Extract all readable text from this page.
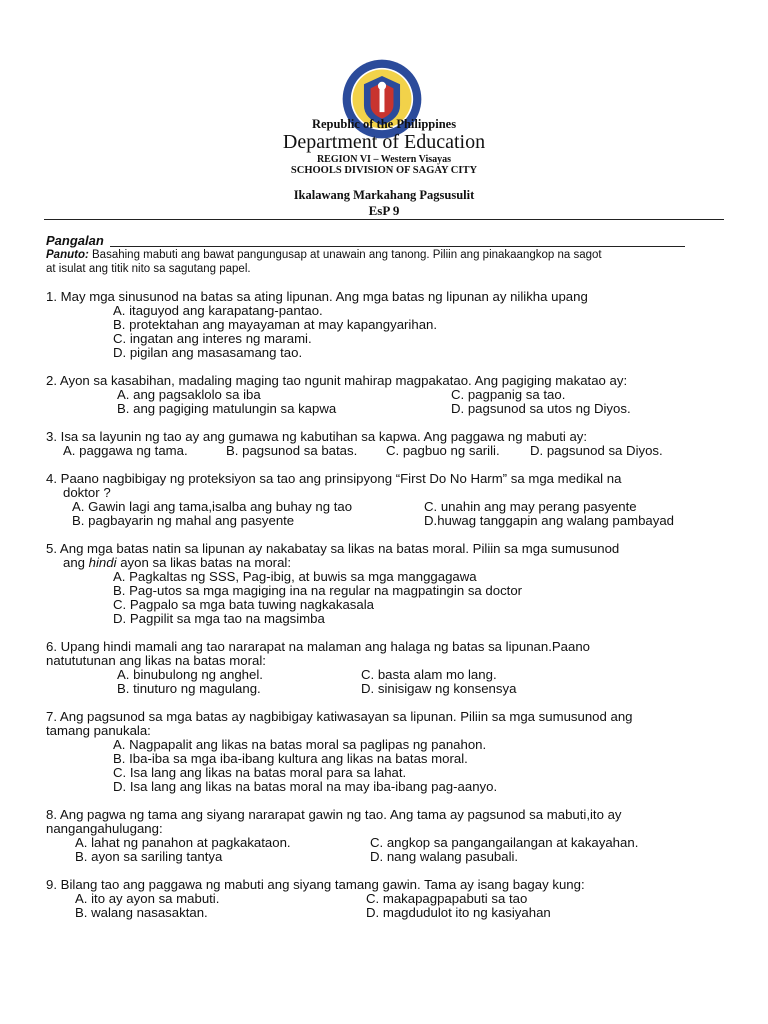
Republic of the Philippines
Department of Education
REGION VI – Western Visayas
SCHOOLS DIVISION OF SAGAY CITY
Ikalawang Markahang Pagsusulit
EsP 9
Pangalan
Panuto: Basahing mabuti ang bawat pangungusap at unawain ang tanong. Piliin ang pinakaangkop na sagot
at isulat ang titik nito sa sagutang papel.
1. May mga sinusunod na batas sa ating lipunan. Ang mga batas ng lipunan ay nilikha upang
A. itaguyod ang karapatang-pantao.
B. protektahan ang mayayaman at may kapangyarihan.
C. ingatan ang interes ng marami.
D. pigilan ang masasamang tao.
2. Ayon sa kasabihan, madaling maging tao ngunit mahirap magpakatao. Ang pagiging makatao ay:
A. ang pagsaklolo sa iba	C. pagpanig sa tao.
B. ang pagiging matulungin sa kapwa	D. pagsunod sa utos ng Diyos.
3. Isa sa layunin ng tao ay ang gumawa ng kabutihan sa kapwa. Ang paggawa ng mabuti ay:
A. paggawa ng tama.	B. pagsunod sa batas. C. pagbuo ng sarili. D. pagsunod sa Diyos.
4. Paano nagbibigay ng proteksiyon sa tao ang prinsipyong “First Do No Harm” sa mga medikal na
doktor ?
A. Gawin lagi ang tama,isalba ang buhay ng tao	C. unahin ang may perang pasyente
B. pagbayarin ng mahal ang pasyente	D.huwag tanggapin ang walang pambayad
5. Ang mga batas natin sa lipunan ay nakabatay sa likas na batas moral. Piliin sa mga sumusunod
ang hindi ayon sa likas batas na moral:
A. Pagkaltas ng SSS, Pag-ibig, at buwis sa mga manggagawa
B. Pag-utos sa mga magiging ina na regular na magpatingin sa doctor
C. Pagpalo sa mga bata tuwing nagkakasala
D. Pagpilit sa mga tao na magsimba
6. Upang hindi mamali ang tao nararapat na malaman ang halaga ng batas sa lipunan.Paano
natututunan ang likas na batas moral:
A. binubulong ng anghel.	C. basta alam mo lang.
B. tinuturo ng magulang.	D. sinisigaw ng konsensya
7. Ang pagsunod sa mga batas ay nagbibigay katiwasayan sa lipunan. Piliin sa mga sumusunod ang
tamang panukala:
A. Nagpapalit ang likas na batas moral sa paglipas ng panahon.
B. Iba-iba sa mga iba-ibang kultura ang likas na batas moral.
C. Isa lang ang likas na batas moral para sa lahat.
D. Isa lang ang likas na batas moral na may iba-ibang pag-aanyo.
8. Ang pagwa ng tama ang siyang nararapat gawin ng tao. Ang tama ay pagsunod sa mabuti,ito ay
nangangahulugang:
A. lahat ng panahon at pagkakataon.	C. angkop sa pangangailangan at kakayahan.
B. ayon sa sariling tantya	D. nang walang pasubali.
9. Bilang tao ang paggawa ng mabuti ang siyang tamang gawin. Tama ay isang bagay kung:
A. ito ay ayon sa mabuti.	C. makapagpapabuti sa tao
B. walang nasasaktan.	D. magdudulot ito ng kasiyahan
